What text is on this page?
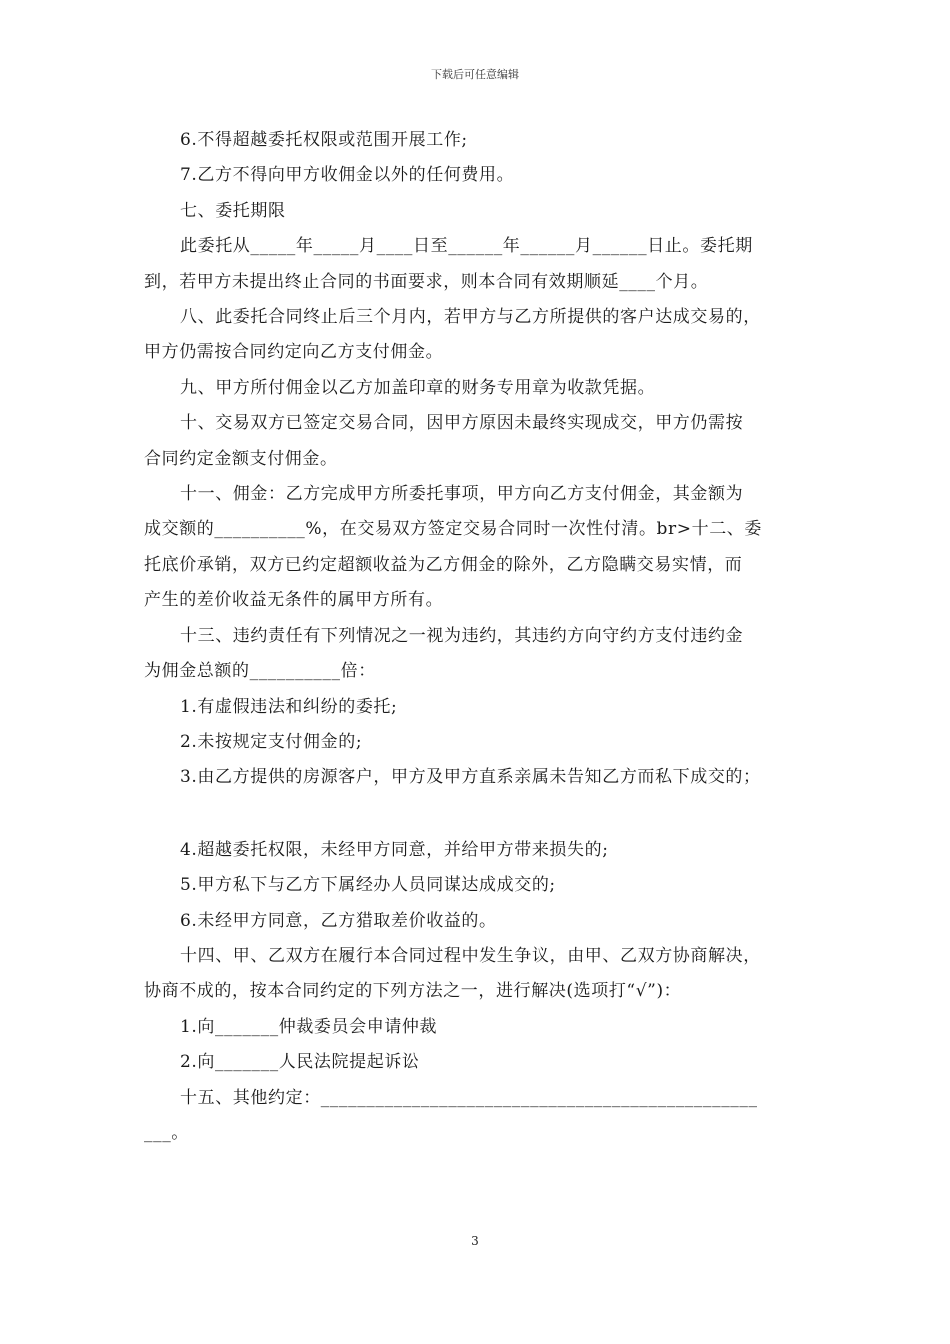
下载后可任意编辑
6.不得超越委托权限或范围开展工作;
7.乙方不得向甲方收佣金以外的任何费用。
七、委托期限
此委托从_____年_____月____日至______年______月______日止。委托期
到，若甲方未提出终止合同的书面要求，则本合同有效期顺延____个月。
八、此委托合同终止后三个月内，若甲方与乙方所提供的客户达成交易的，
甲方仍需按合同约定向乙方支付佣金。
九、甲方所付佣金以乙方加盖印章的财务专用章为收款凭据。
十、交易双方已签定交易合同，因甲方原因未最终实现成交，甲方仍需按
合同约定金额支付佣金。
十一、佣金：乙方完成甲方所委托事项，甲方向乙方支付佣金，其金额为
成交额的__________%，在交易双方签定交易合同时一次性付清。br>十二、委
托底价承销，双方已约定超额收益为乙方佣金的除外，乙方隐瞒交易实情，而
产生的差价收益无条件的属甲方所有。
十三、违约责任有下列情况之一视为违约，其违约方向守约方支付违约金
为佣金总额的__________倍：
1.有虚假违法和纠纷的委托;
2.未按规定支付佣金的;
3.由乙方提供的房源客户，甲方及甲方直系亲属未告知乙方而私下成交的；
4.超越委托权限，未经甲方同意，并给甲方带来损失的;
5.甲方私下与乙方下属经办人员同谋达成成交的;
6.未经甲方同意，乙方猎取差价收益的。
十四、甲、乙双方在履行本合同过程中发生争议，由甲、乙双方协商解决，
协商不成的，按本合同约定的下列方法之一，进行解决(选项打“√”)：
1.向_______仲裁委员会申请仲裁
2.向_______人民法院提起诉讼
十五、其他约定：________________________________________________
___。
3
